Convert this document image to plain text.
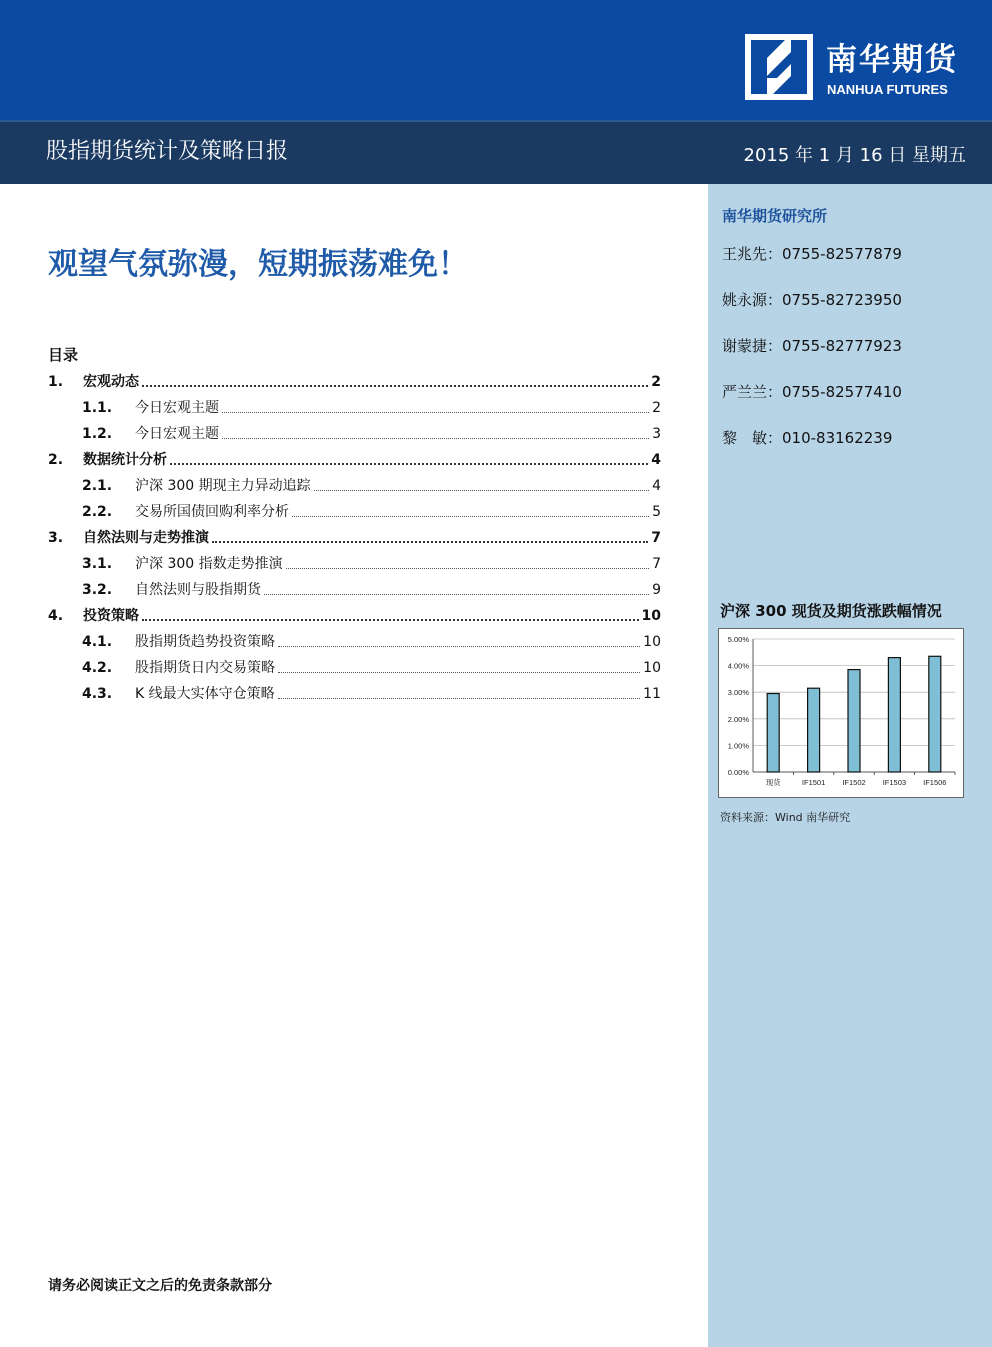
南华期货
NANHUA FUTURES
股指期货统计及策略日报	2015 年 1 月 16 日 星期五
南华期货研究所
王兆先：0755-82577879
姚永源：0755-82723950
谢蒙捷：0755-82777923
严兰兰：0755-82577410
黎　敏：010-83162239
沪深 300 现货及期货涨跌幅情况
0.00%
1.00%
2.00%
3.00%
4.00%
5.00%
现货	IF1501 IF1502 IF1503 IF1506
资料来源：Wind 南华研究
观望气氛弥漫，短期振荡难免！
目录
1.	宏观动态	2
1.1.	今日宏观主题	2
1.2.	今日宏观主题	3
2.	数据统计分析	4
2.1.	沪深 300 期现主力异动追踪	4
2.2.	交易所国债回购利率分析	5
3.	自然法则与走势推演	7
3.1.	沪深 300 指数走势推演	7
3.2.	自然法则与股指期货	9
4.	投资策略	10
4.1.	股指期货趋势投资策略	10
4.2.	股指期货日内交易策略	10
4.3.	K 线最大实体守仓策略	11
请务必阅读正文之后的免责条款部分
